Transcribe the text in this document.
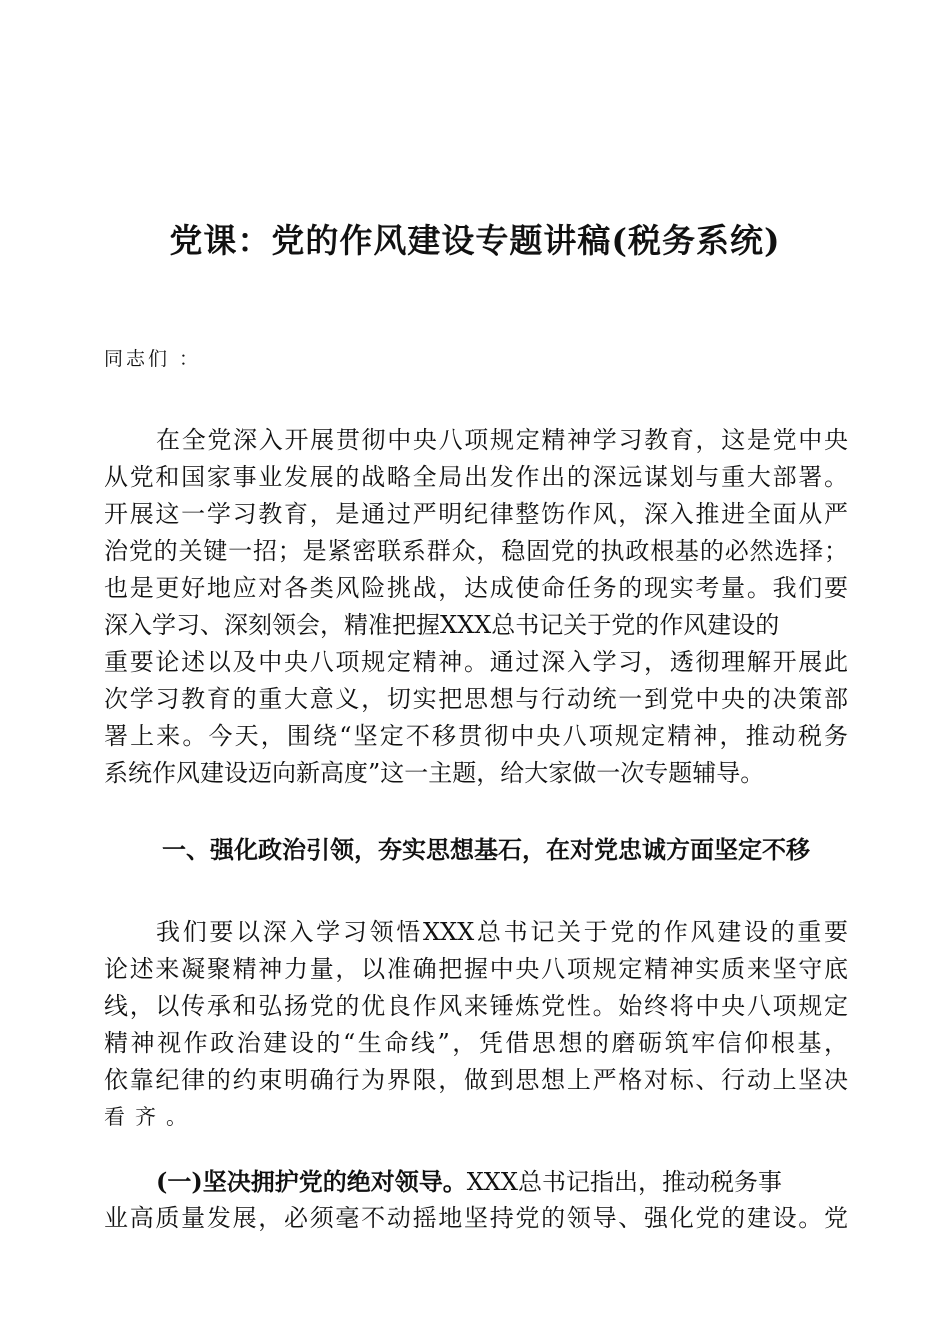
党课：党的作风建设专题讲稿(税务系统)
同志们 ：
在全党深入开展贯彻中央八项规定精神学习教育，这是党中央
从党和国家事业发展的战略全局出发作出的深远谋划与重大部署。
开展这一学习教育，是通过严明纪律整饬作风，深入推进全面从严
治党的关键一招；是紧密联系群众，稳固党的执政根基的必然选择；
也是更好地应对各类风险挑战，达成使命任务的现实考量。我们要
深入学习、深刻领会，精准把握XXX总书记关于党的作风建设的
重要论述以及中央八项规定精神。通过深入学习，透彻理解开展此
次学习教育的重大意义，切实把思想与行动统一到党中央的决策部
署上来。今天，围绕“坚定不移贯彻中央八项规定精神，推动税务
系统作风建设迈向新高度”这一主题，给大家做一次专题辅导。
一、强化政治引领，夯实思想基石，在对党忠诚方面坚定不移
我们要以深入学习领悟XXX总书记关于党的作风建设的重要
论述来凝聚精神力量，以准确把握中央八项规定精神实质来坚守底
线，以传承和弘扬党的优良作风来锤炼党性。始终将中央八项规定
精神视作政治建设的“生命线”，凭借思想的磨砺筑牢信仰根基，
依靠纪律的约束明确行为界限，做到思想上严格对标、行动上坚决
看齐。
(一)坚决拥护党的绝对领导。XXX总书记指出，推动税务事
业高质量发展，必须毫不动摇地坚持党的领导、强化党的建设。党
